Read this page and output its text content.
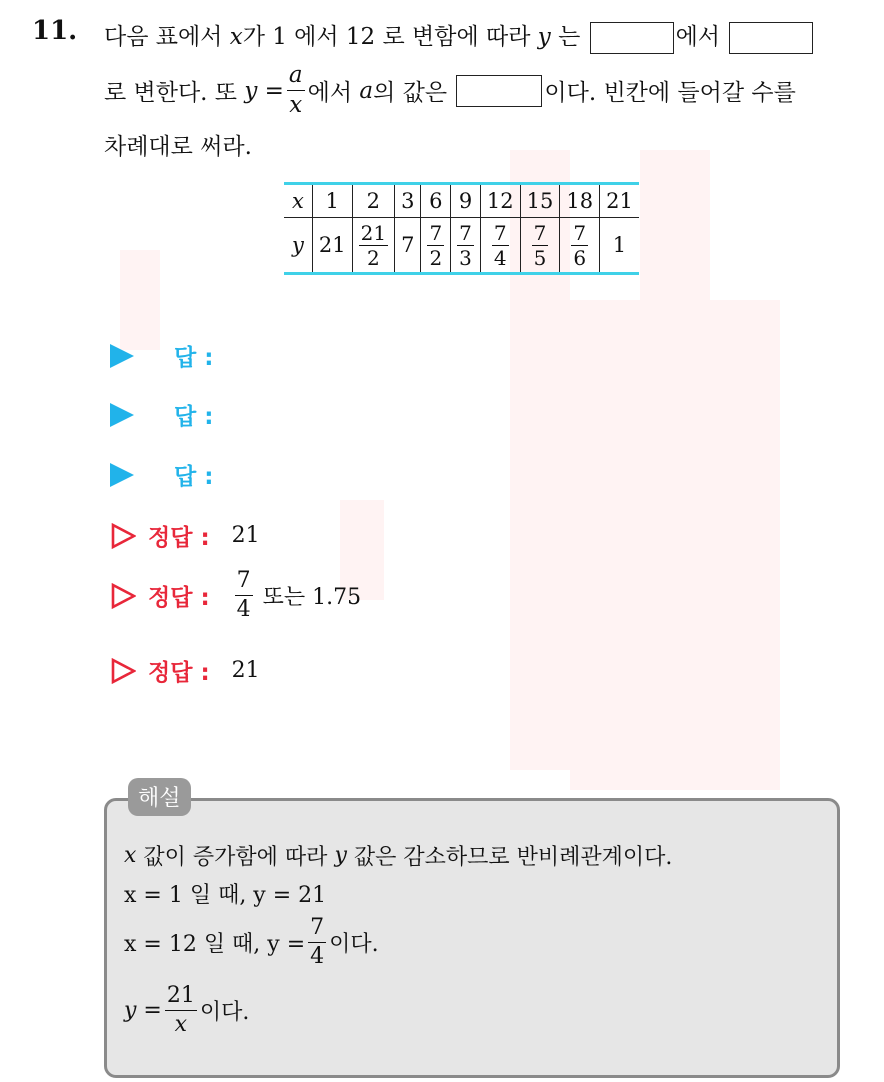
11. 다음 표에서 x가 1 에서 12 로 변함에 따라 y 는	에서
로 변한다. 또
$y = \frac{a}{x}$ 에서
a 의 값은
	이다. 빈칸에 들어갈 수를
차례대로 써라.
x	1	2	3	6	9	12	15	18	21
y	21	$\frac{21}{2}$	7	$\frac{7}{2}$	$\frac{7}{3}$	$\frac{7}{4}$	$\frac{7}{5}$	$\frac{7}{6}$	1
답 :
답 :
답 :
정답 : 21
정답 : $\frac{7}{4}$
또는 1.75
정답 : 21
해설
x
값이 증가함에 따라
y
값은 감소하므로 반비례관계이다.
x = 1 일 때, y = 21
x = 12 일 때, $y = \frac{7}{4}$ 이다.
$y = \frac{21}{x}$ 이다.
